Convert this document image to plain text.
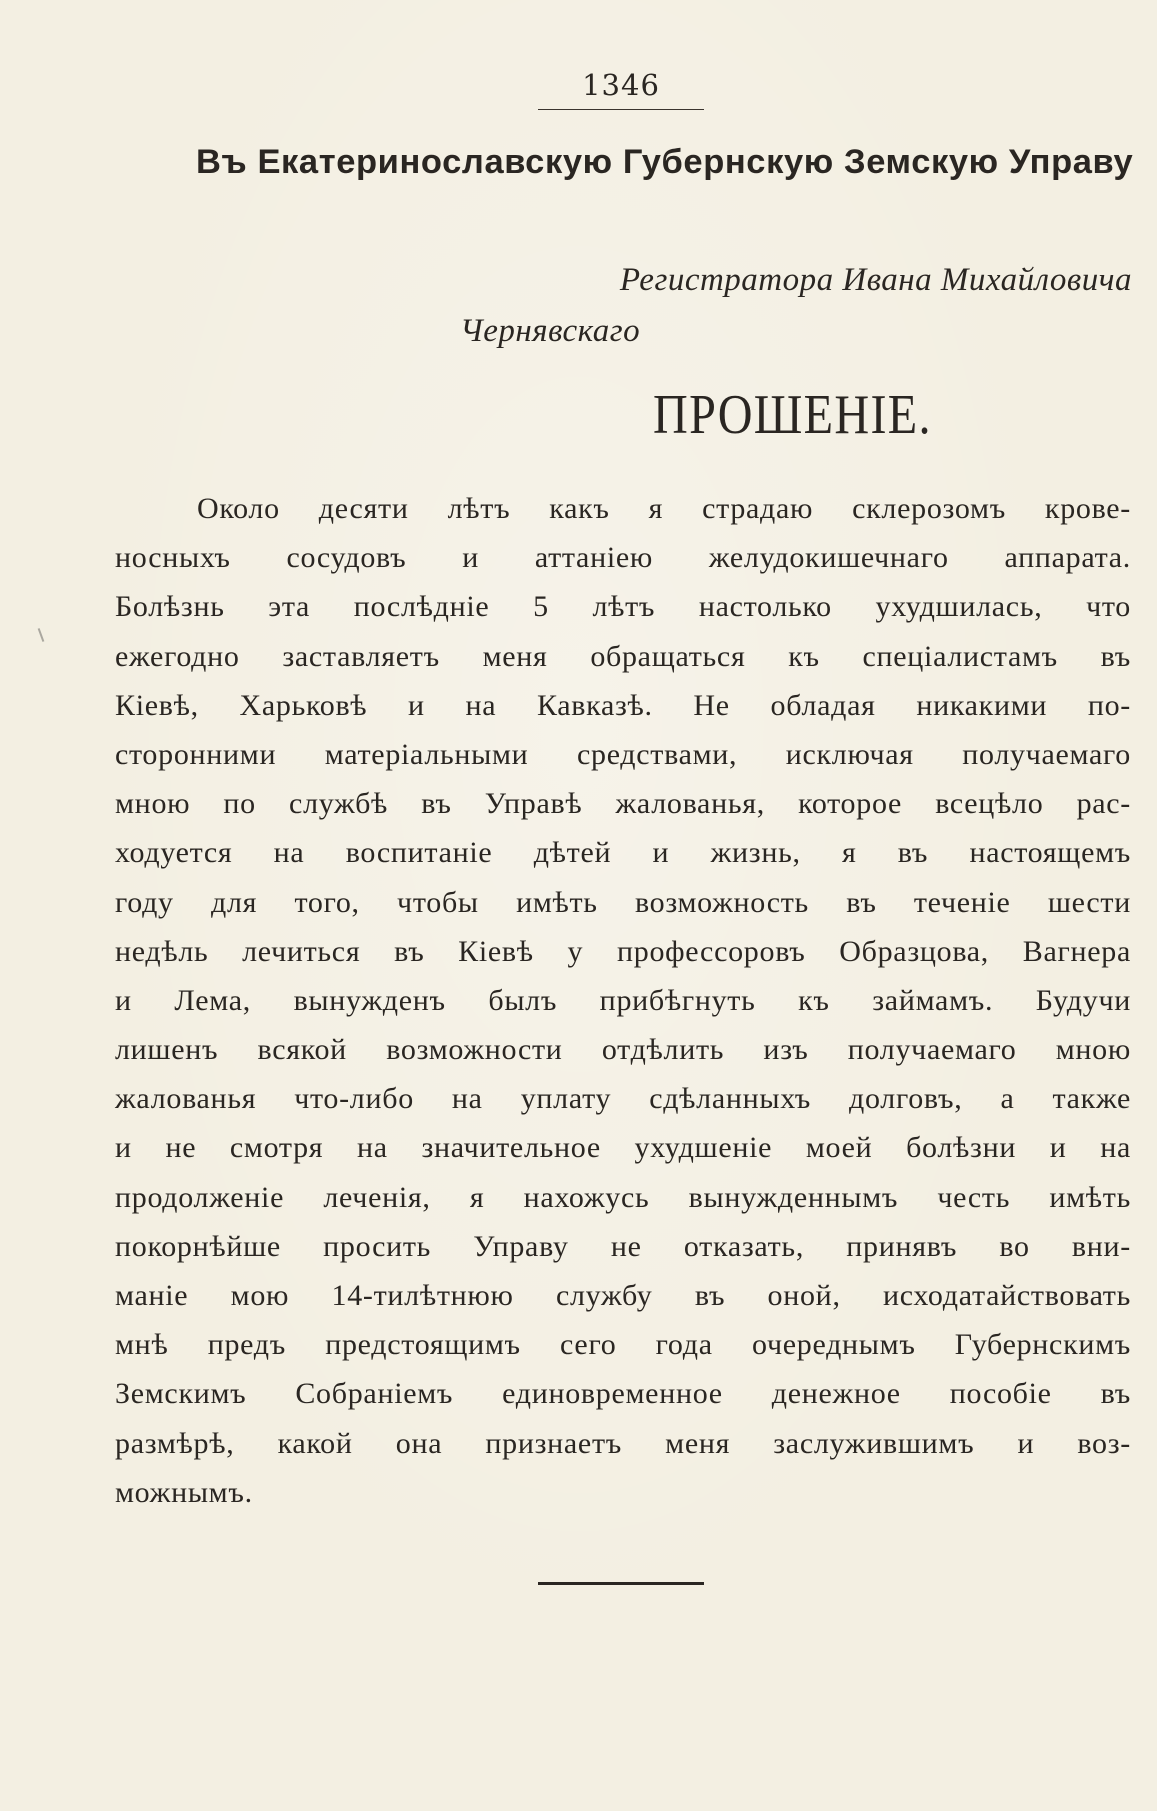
1346
Въ Екатеринославскую Губернскую Земскую Управу
Регистратора Ивана Михайловича
Чернявскаго
ПРОШЕНІЕ.
Около десяти лѣтъ какъ я страдаю склерозомъ крове-
носныхъ сосудовъ и аттаніею желудокишечнаго аппарата.
Болѣзнь эта послѣдніе 5 лѣтъ настолько ухудшилась, что
ежегодно заставляетъ меня обращаться къ спеціалистамъ въ
Кіевѣ, Харьковѣ и на Кавказѣ. Не обладая никакими по-
сторонними матеріальными средствами, исключая получаемаго
мною по службѣ въ Управѣ жалованья, которое всецѣло рас-
ходуется на воспитаніе дѣтей и жизнь, я въ настоящемъ
году для того, чтобы имѣть возможность въ теченіе шести
недѣль лечиться въ Кіевѣ у профессоровъ Образцова, Вагнера
и Лема, вынужденъ былъ прибѣгнуть къ займамъ. Будучи
лишенъ всякой возможности отдѣлить изъ получаемаго мною
жалованья что-либо на уплату сдѣланныхъ долговъ, а также
и не смотря на значительное ухудшеніе моей болѣзни и на
продолженіе леченія, я нахожусь вынужденнымъ честь имѣть
покорнѣйше просить Управу не отказать, принявъ во вни-
маніе мою 14-тилѣтнюю службу въ оной, исходатайствовать
мнѣ предъ предстоящимъ сего года очереднымъ Губернскимъ
Земскимъ Собраніемъ единовременное денежное пособіе въ
размѣрѣ, какой она признаетъ меня заслужившимъ и воз-
можнымъ.
